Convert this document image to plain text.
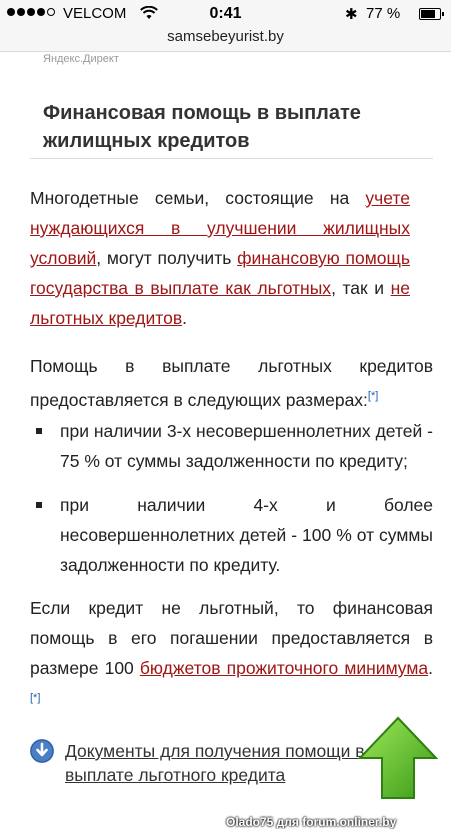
VELCOM	0:41	✱ 77 %
samsebeyurist.by
Яндекс.Директ
Финансовая помощь в выплате жилищных кредитов
Многодетные семьи, состоящие на учете нуждающихся в улучшении жилищных условий, могут получить финансовую помощь государства в выплате как льготных, так и не льготных кредитов.
Помощь в выплате льготных кредитов предоставляется в следующих размерах:[*]
при наличии 3-х несовершеннолетних детей - 75 % от суммы задолженности по кредиту;
при наличии 4-х и более несовершеннолетних детей - 100 % от суммы задолженности по кредиту.
Если кредит не льготный, то финансовая помощь в его погашении предоставляется в размере 100 бюджетов прожиточного минимума.[*]
Документы для получения помощи в выплате льготного кредита
Olado75 для forum.onliner.by
